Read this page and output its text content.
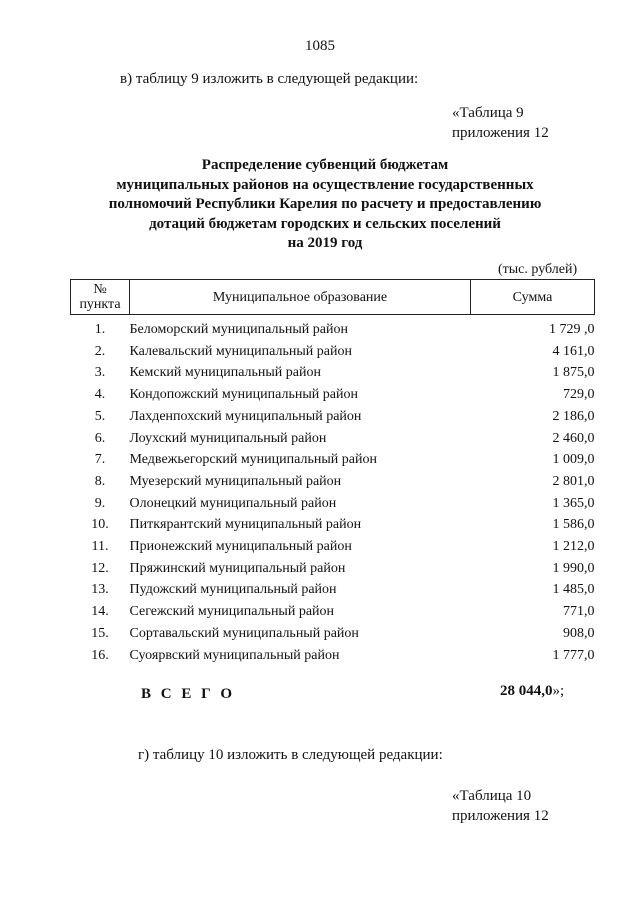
1085
в) таблицу 9 изложить в следующей редакции:
«Таблица 9
приложения 12
Распределение субвенций бюджетам
муниципальных районов на осуществление государственных
полномочий Республики Карелия по расчету и предоставлению
дотаций бюджетам городских и сельских поселений
на 2019 год
(тыс. рублей)
№
пункта	Муниципальное образование	Сумма
1.	Беломорский муниципальный район	1 729 ,0
2.	Калевальский муниципальный район	4 161,0
3.	Кемский муниципальный район	1 875,0
4.	Кондопожский муниципальный район	729,0
5.	Лахденпохский муниципальный район	2 186,0
6.	Лоухский муниципальный район	2 460,0
7.	Медвежьегорский муниципальный район	1 009,0
8.	Муезерский муниципальный район	2 801,0
9.	Олонецкий муниципальный район	1 365,0
10.	Питкярантский муниципальный район	1 586,0
11.	Прионежский муниципальный район	1 212,0
12.	Пряжинский муниципальный район	1 990,0
13.	Пудожский муниципальный район	1 485,0
14.	Сегежский муниципальный район	771,0
15.	Сортавальский муниципальный район	908,0
16.	Суоярвский муниципальный район	1 777,0
В С Е Г О	28 044,0»;
г) таблицу 10 изложить в следующей редакции:
«Таблица 10
приложения 12
